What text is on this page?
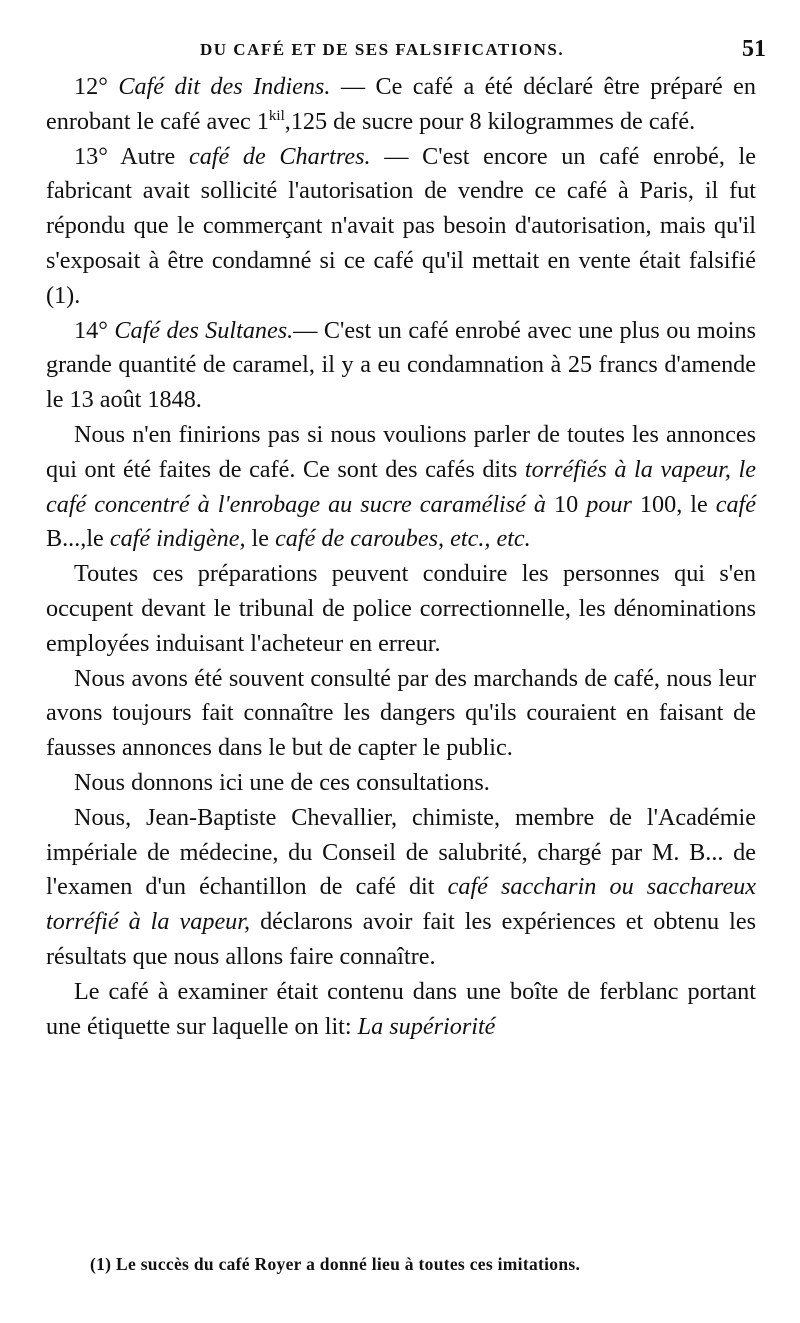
DU CAFÉ ET DE SES FALSIFICATIONS.	51

12° Café dit des Indiens. — Ce café a été déclaré être préparé en enrobant le café avec $1^{kil},125$ de sucre pour 8 kilogrammes de café.

13° Autre café de Chartres. — C'est encore un café enrobé, le fabricant avait sollicité l'autorisation de vendre ce café à Paris, il fut répondu que le commerçant n'avait pas besoin d'autorisation, mais qu'il s'exposait à être condamné si ce café qu'il mettait en vente était falsifié (1).

14° Café des Sultanes.— C'est un café enrobé avec une plus ou moins grande quantité de caramel, il y a eu condamnation à 25 francs d'amende le 13 août 1848.

Nous n'en finirions pas si nous voulions parler de toutes les annonces qui ont été faites de café. Ce sont des cafés dits torréfiés à la vapeur, le café concentré à l'enrobage au sucre caramélisé à 10 pour 100, le café B...,le café indigène, le café de caroubes, etc., etc.

Toutes ces préparations peuvent conduire les personnes qui s'en occupent devant le tribunal de police correctionnelle, les dénominations employées induisant l'acheteur en erreur.

Nous avons été souvent consulté par des marchands de café, nous leur avons toujours fait connaître les dangers qu'ils couraient en faisant de fausses annonces dans le but de capter le public.

Nous donnons ici une de ces consultations.

Nous, Jean-Baptiste Chevallier, chimiste, membre de l'Académie impériale de médecine, du Conseil de salubrité, chargé par M. B... de l'examen d'un échantillon de café dit café saccharin ou sacchareux torréfié à la vapeur, déclarons avoir fait les expériences et obtenu les résultats que nous allons faire connaître.

Le café à examiner était contenu dans une boîte de ferblanc portant une étiquette sur laquelle on lit: La supériorité

(1) Le succès du café Royer a donné lieu à toutes ces imitations.
